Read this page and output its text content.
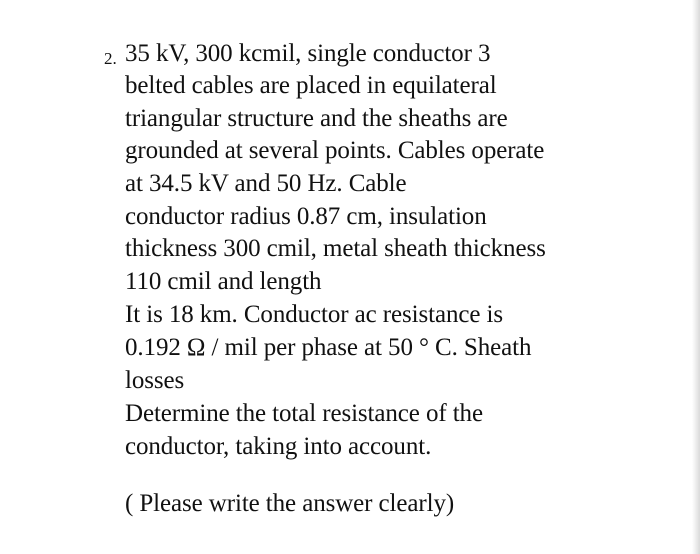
2. 35 kV, 300 kcmil, single conductor 3
belted cables are placed in equilateral
triangular structure and the sheaths are
grounded at several points. Cables operate
at 34.5 kV and 50 Hz. Cable
conductor radius 0.87 cm, insulation
thickness 300 cmil, metal sheath thickness
110 cmil and length
It is 18 km. Conductor ac resistance is
0.192 Ω / mil per phase at 50 ° C. Sheath
losses
Determine the total resistance of the
conductor, taking into account.
( Please write the answer clearly)
